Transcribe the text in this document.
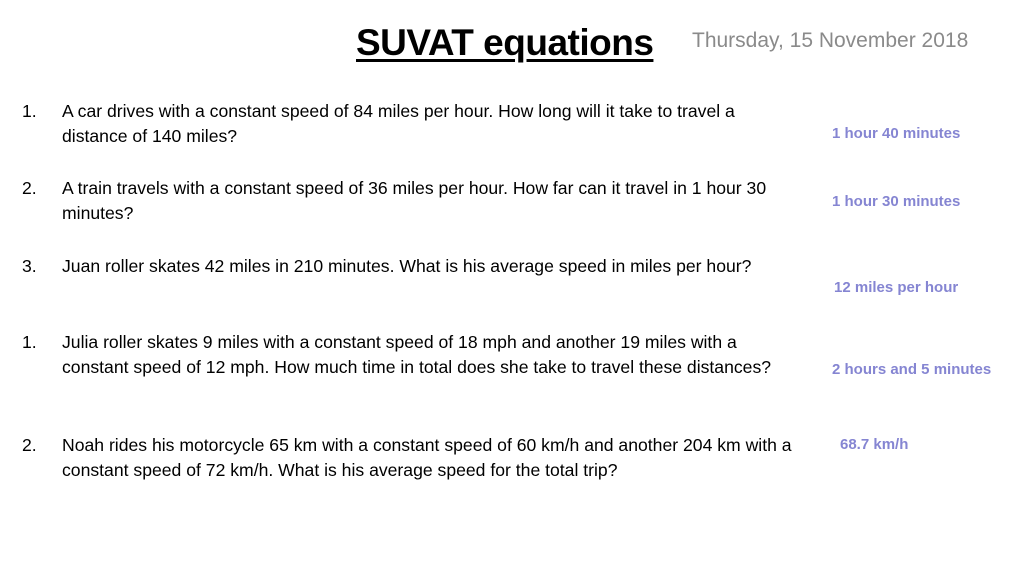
SUVAT equations Thursday, 15 November 2018
1. A car drives with a constant speed of 84 miles per hour. How long will it take to travel a distance of 140 miles?
2. A train travels with a constant speed of 36 miles per hour. How far can it travel in 1 hour 30 minutes?
3. Juan roller skates 42 miles in 210 minutes. What is his average speed in miles per hour?
1. Julia roller skates 9 miles with a constant speed of 18 mph and another 19 miles with a constant speed of 12 mph. How much time in total does she take to travel these distances?
2. Noah rides his motorcycle 65 km with a constant speed of 60 km/h and another 204 km with a constant speed of 72 km/h. What is his average speed for the total trip?
1 hour 40 minutes
1 hour 30 minutes
12 miles per hour
2 hours and 5 minutes
68.7 km/h
